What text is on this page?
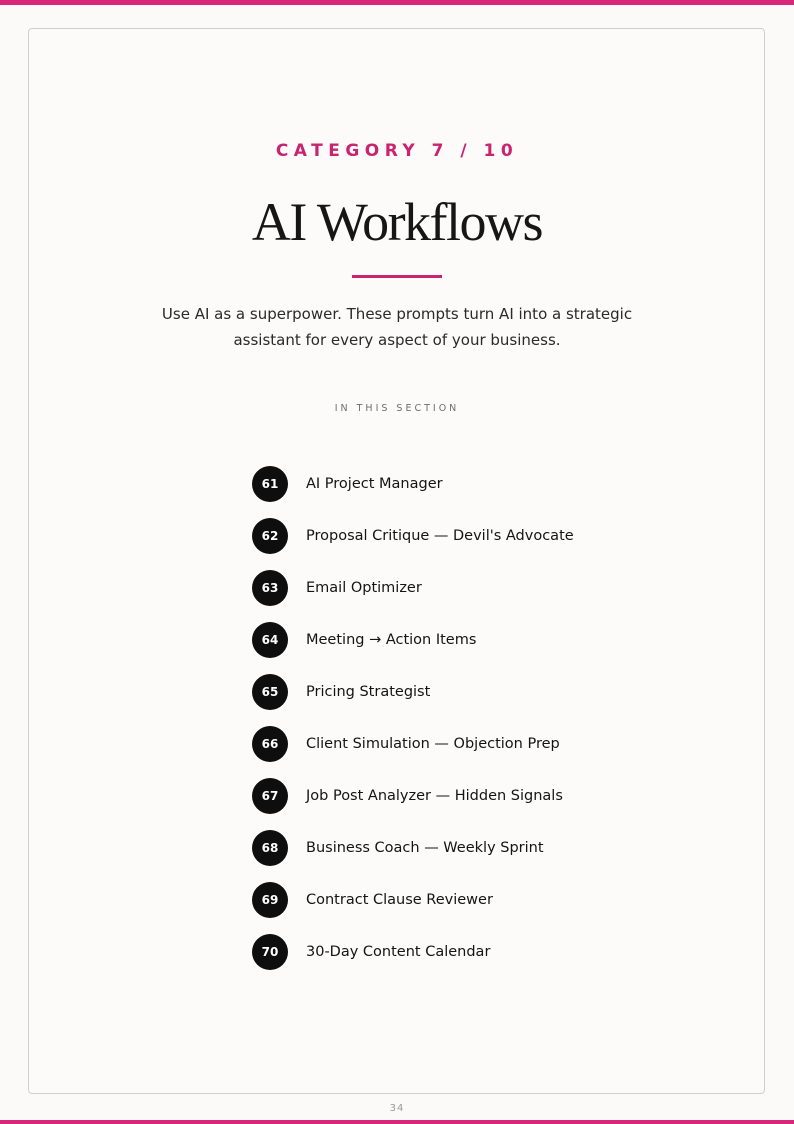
CATEGORY 7 / 10
AI Workflows
Use AI as a superpower. These prompts turn AI into a strategic assistant for every aspect of your business.
IN THIS SECTION
61	AI Project Manager
62	Proposal Critique — Devil's Advocate
63	Email Optimizer
64	Meeting → Action Items
65	Pricing Strategist
66	Client Simulation — Objection Prep
67	Job Post Analyzer — Hidden Signals
68	Business Coach — Weekly Sprint
69	Contract Clause Reviewer
70	30-Day Content Calendar
34
